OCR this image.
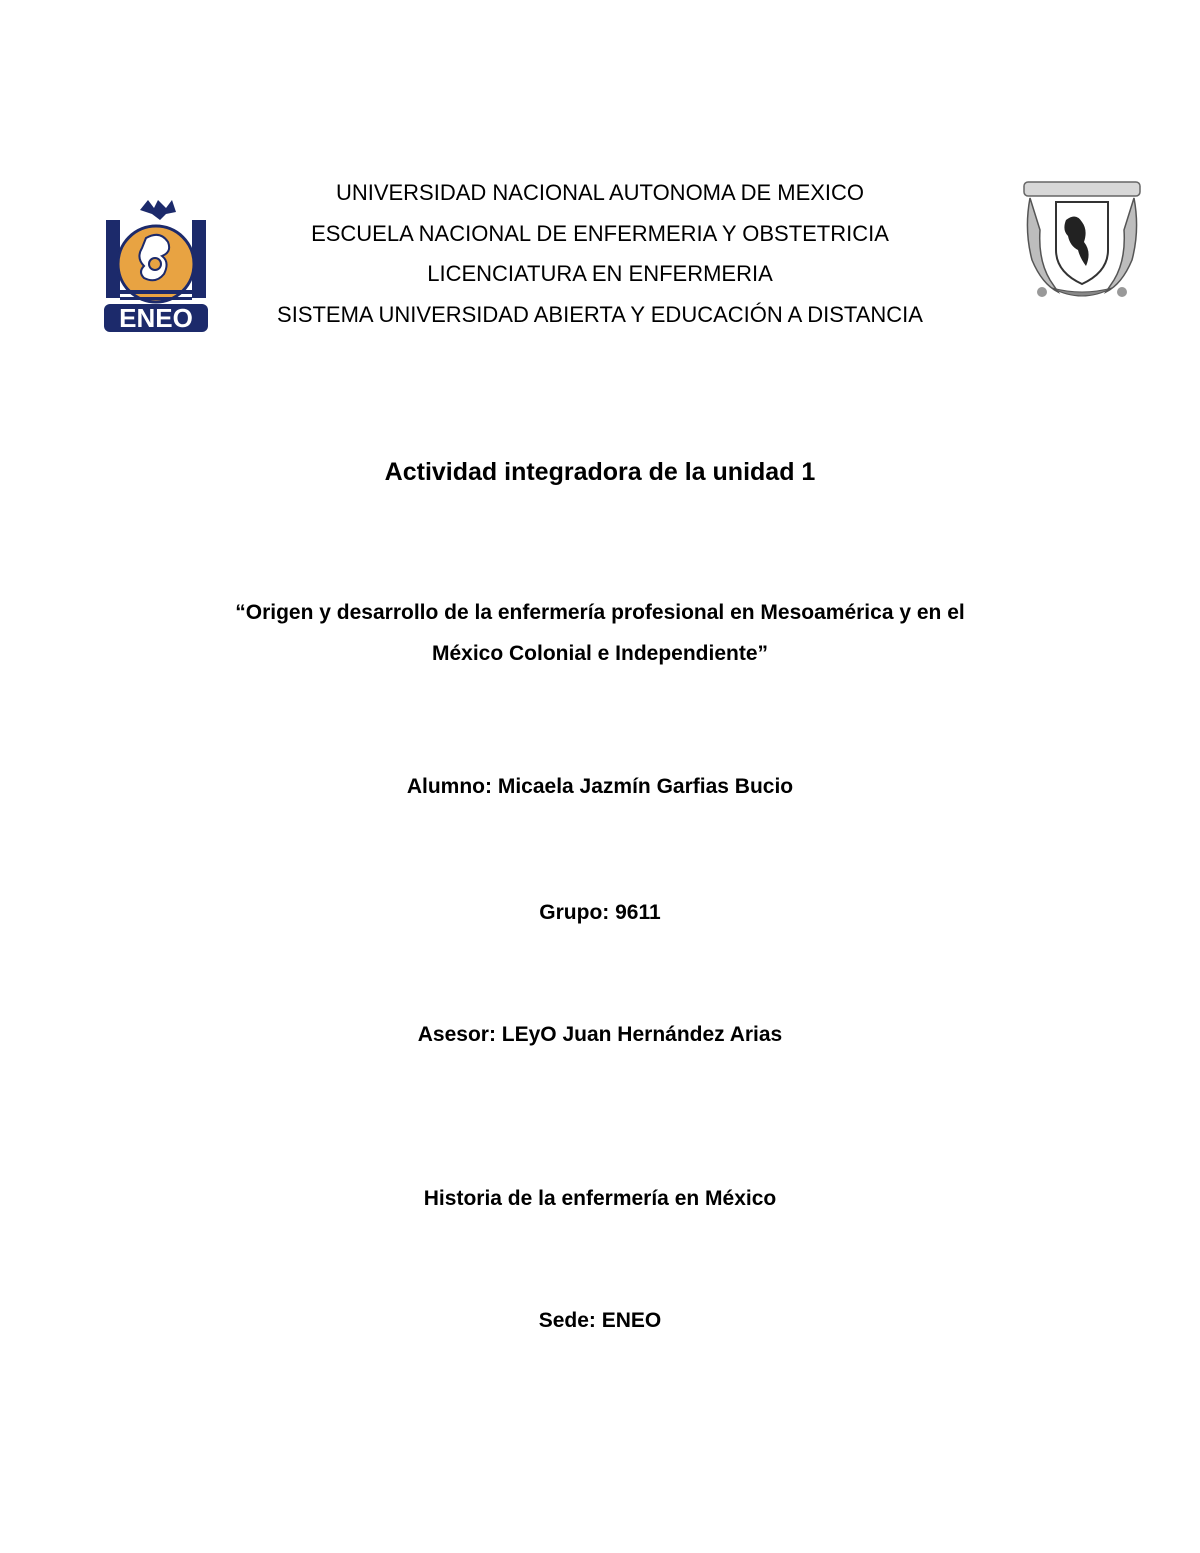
ENEO
UNIVERSIDAD NACIONAL AUTONOMA DE MEXICO
ESCUELA NACIONAL DE ENFERMERIA Y OBSTETRICIA
LICENCIATURA EN ENFERMERIA
SISTEMA UNIVERSIDAD ABIERTA Y EDUCACIÓN A DISTANCIA
Actividad integradora de la unidad 1
“Origen y desarrollo de la enfermería profesional en Mesoamérica y en el
México Colonial e Independiente”
Alumno: Micaela Jazmín Garfias Bucio
Grupo: 9611
Asesor: LEyO Juan Hernández Arias
Historia de la enfermería en México
Sede: ENEO
